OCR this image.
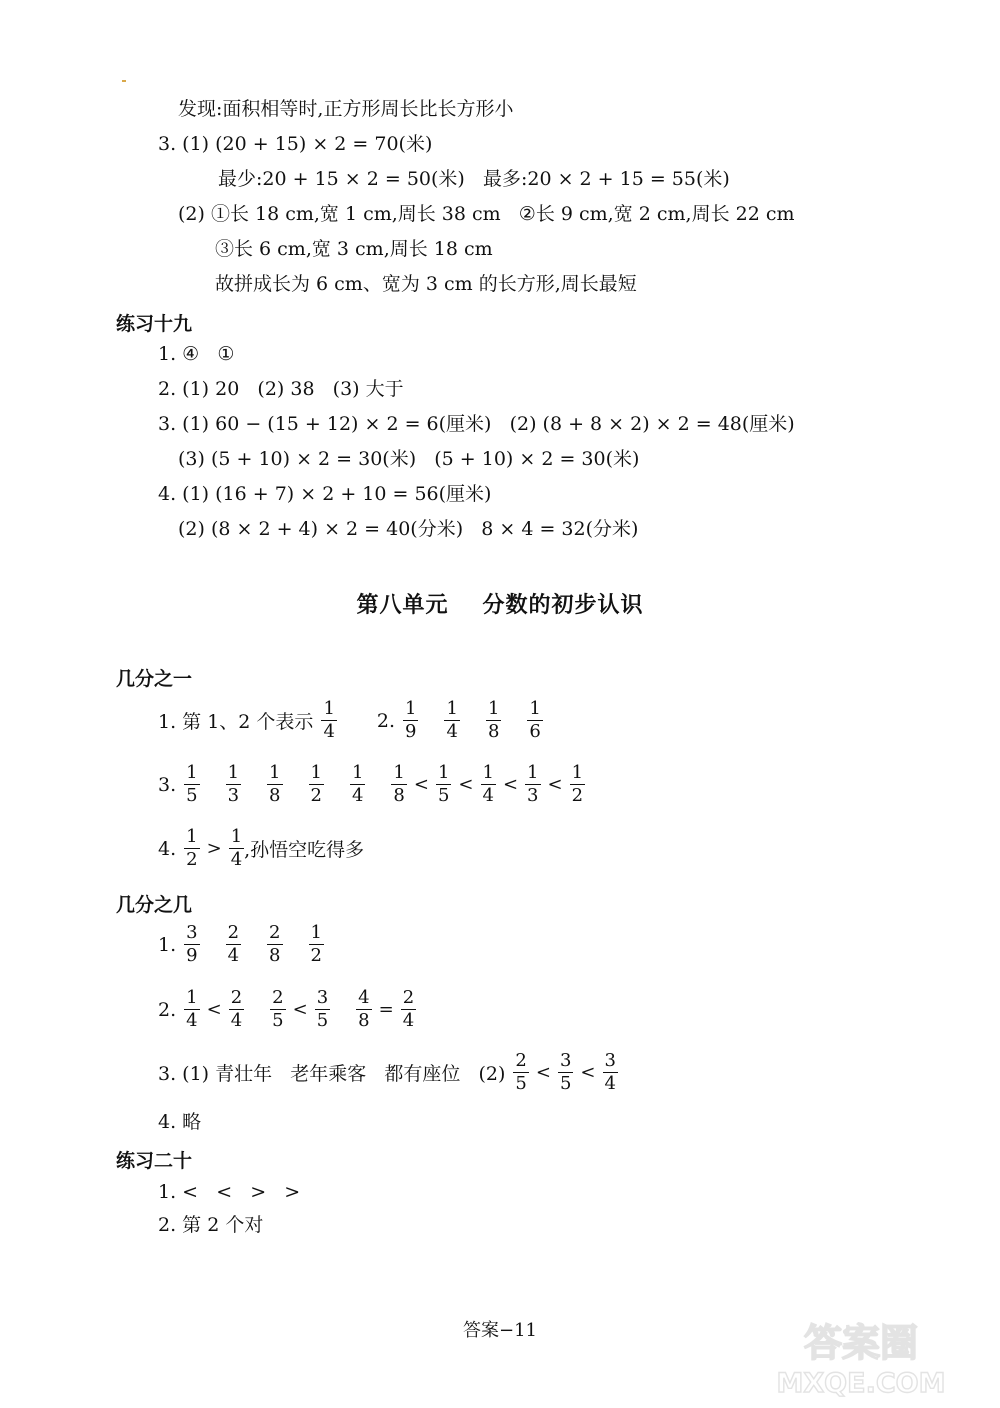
发现:面积相等时,正方形周长比长方形小
3. (1) (20 + 15) × 2 = 70(米)
最少:20 + 15 × 2 = 50(米)   最多:20 × 2 + 15 = 55(米)
(2) ①长 18 cm,宽 1 cm,周长 38 cm   ②长 9 cm,宽 2 cm,周长 22 cm
③长 6 cm,宽 3 cm,周长 18 cm
故拼成长为 6 cm、宽为 3 cm 的长方形,周长最短
练习十九
1. ④   ①
2. (1) 20   (2) 38   (3) 大于
3. (1) 60 − (15 + 12) × 2 = 6(厘米)   (2) (8 + 8 × 2) × 2 = 48(厘米)
(3) (5 + 10) × 2 = 30(米)   (5 + 10) × 2 = 30(米)
4. (1) (16 + 7) × 2 + 10 = 56(厘米)
(2) (8 × 2 + 4) × 2 = 40(分米)   8 × 4 = 32(分米)
第八单元 分数的初步认识
几分之一
1. 第 1、2 个表示 $\frac{1}{4} 2$. $\frac{1}{9} \frac{1}{4} \frac{1}{8} \frac{1}{6}$
3. $\frac{1}{5} \frac{1}{3} \frac{1}{8} \frac{1}{2} \frac{1}{4} \frac{1}{8} < \frac{1}{5} < \frac{1}{4} < \frac{1}{3} < \frac{1}{2}$
4. $\frac{1}{2} > \frac{1}{4}$ ,孙悟空吃得多
几分之几
1. $\frac{3}{9} \frac{2}{4} \frac{2}{8} \frac{1}{2}$
2. $\frac{1}{4} < \frac{2}{4} \frac{2}{5} < \frac{3}{5} \frac{4}{8} = \frac{2}{4}$
3. (1) 青壮年   老年乘客   都有座位   $(2) \frac{2}{5} < \frac{3}{5} < \frac{3}{4}$
4. 略
练习二十
1. <   <   >   >
2. 第 2 个对
答案−11	答案圈
MXQE.COM
